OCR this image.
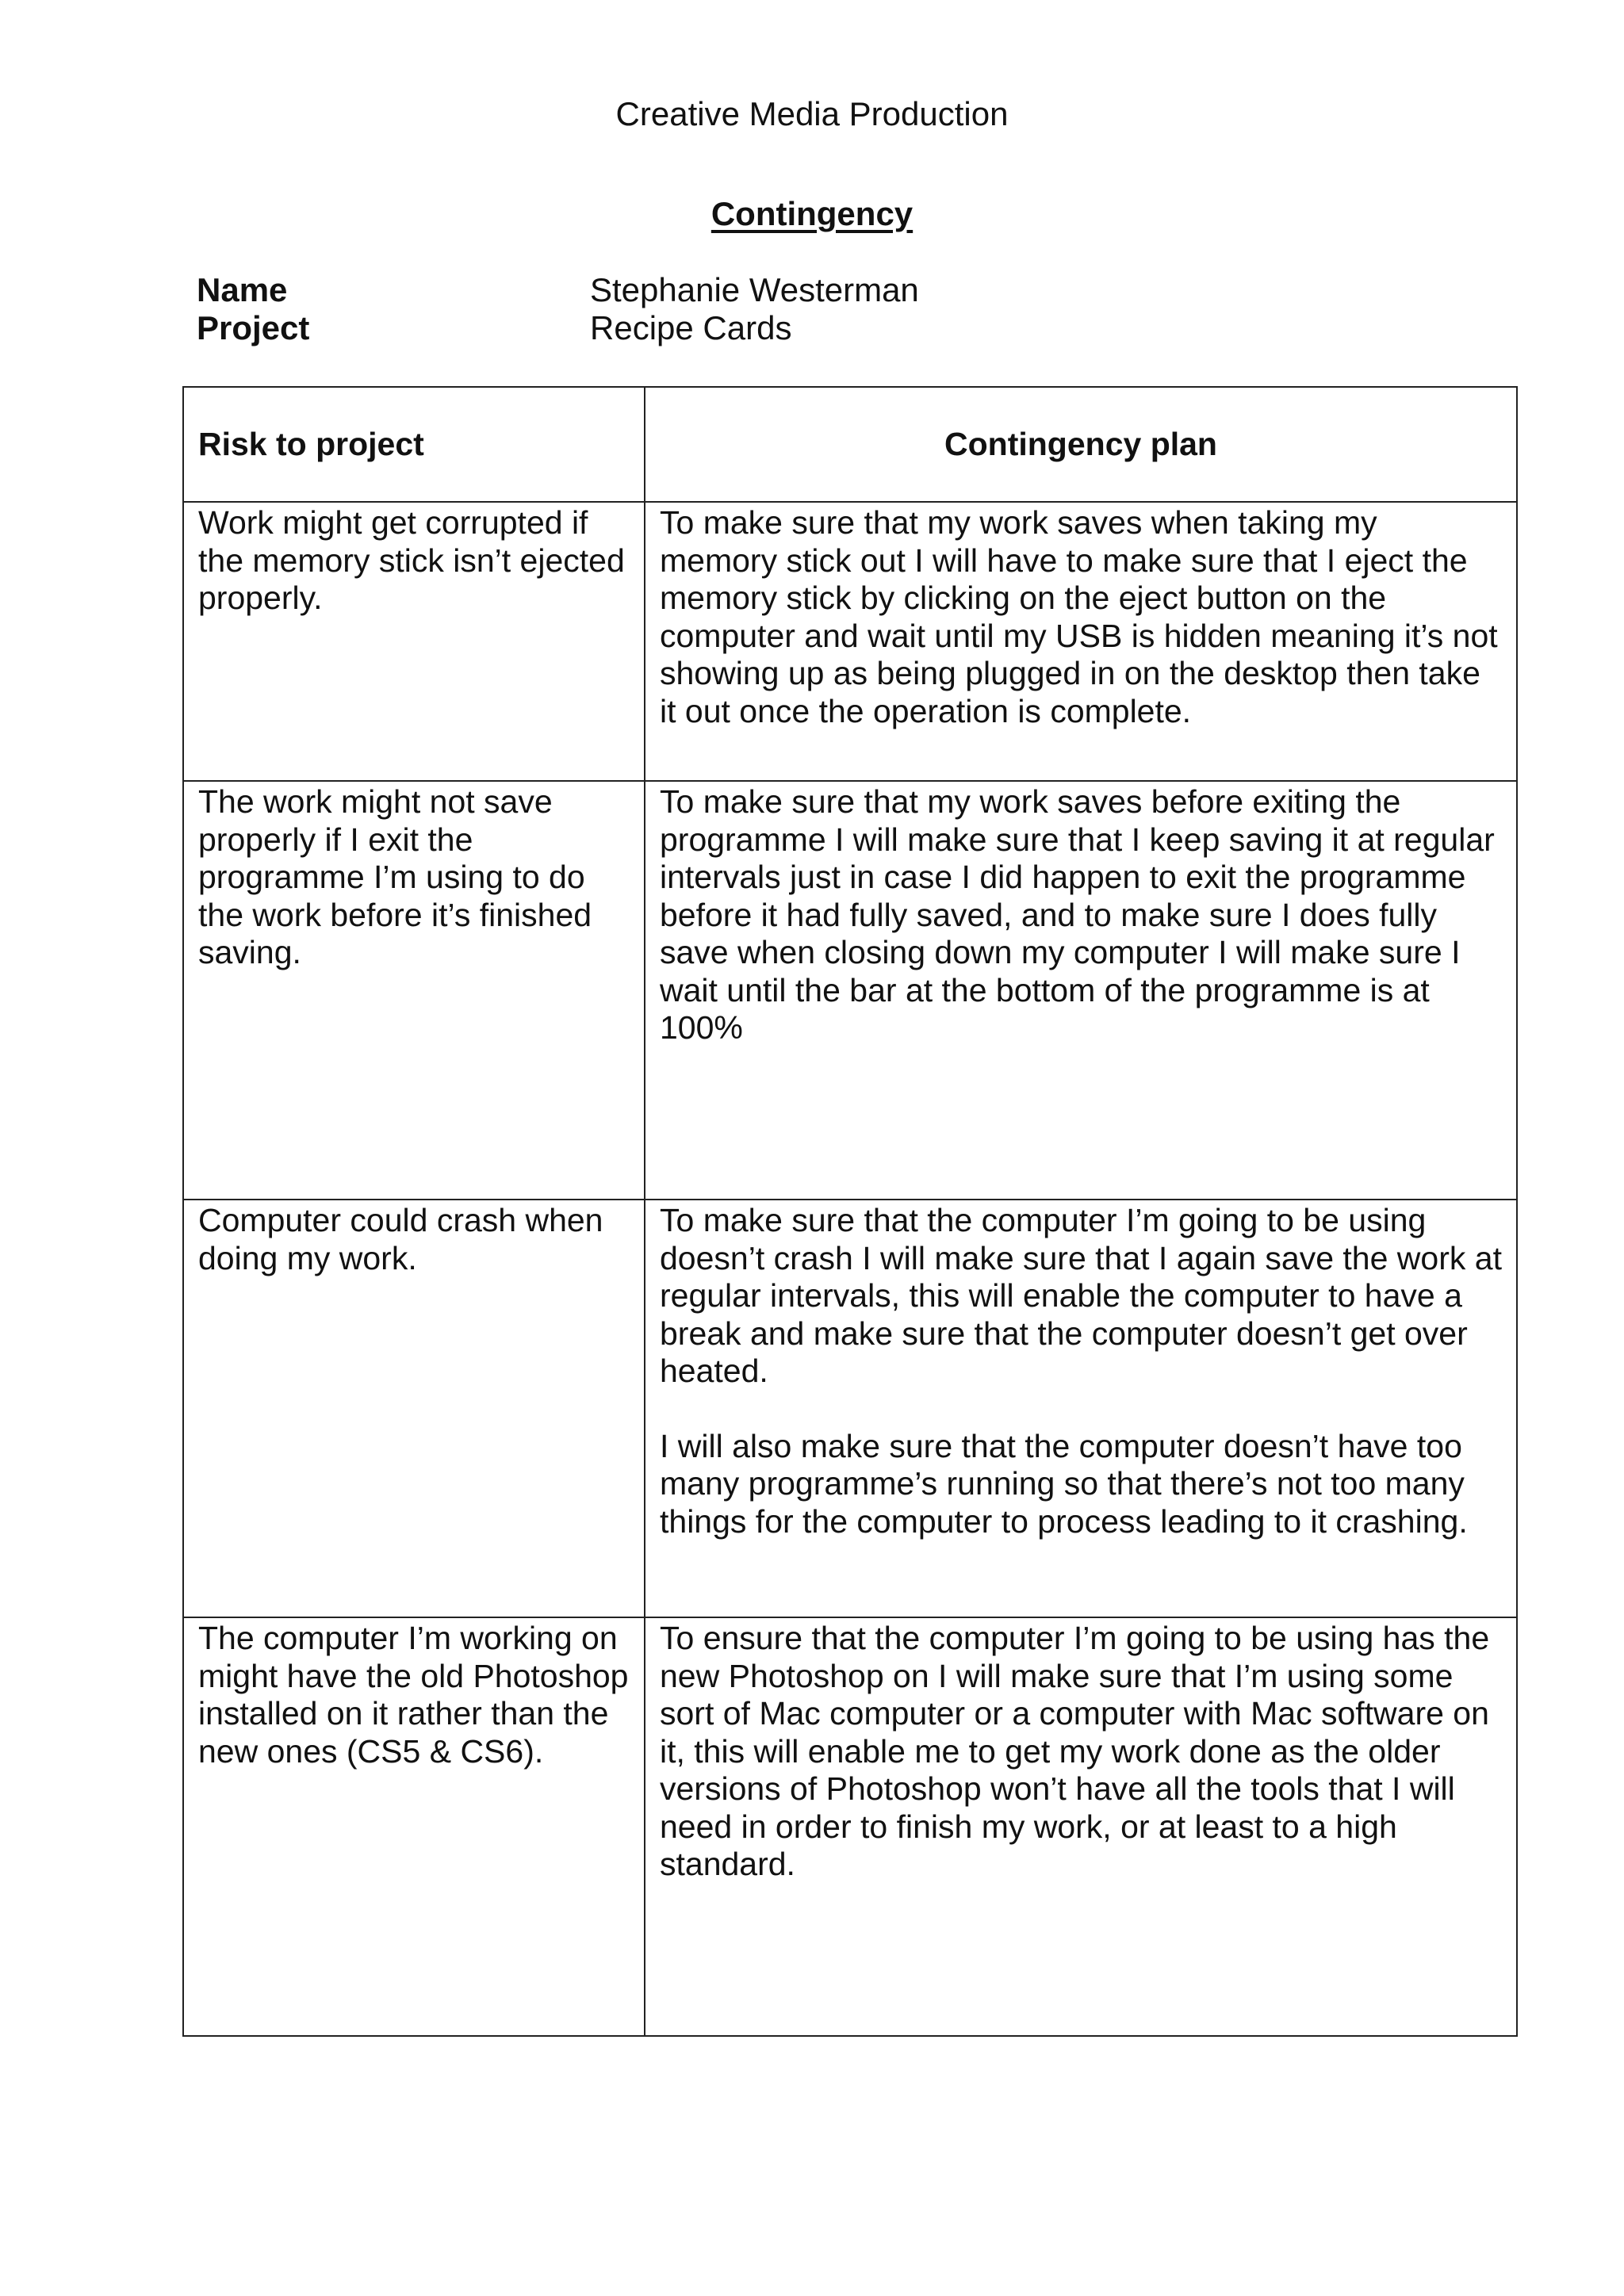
Creative Media Production
Contingency
Name	Stephanie Westerman
Project	Recipe Cards
Risk to project	Contingency plan
Work might get corrupted if the memory stick isn’t ejected properly.	To make sure that my work saves when taking my memory stick out I will have to make sure that I eject the memory stick by clicking on the eject button on the computer and wait until my USB is hidden meaning it’s not showing up as being plugged in on the desktop then take it out once the operation is complete.

The work might not save properly if I exit the programme I’m using to do the work before it’s finished saving.	To make sure that my work saves before exiting the programme I will make sure that I keep saving it at regular intervals just in case I did happen to exit the programme before it had fully saved, and to make sure I does fully save when closing down my computer I will make sure I wait until the bar at the bottom of the programme is at 100%

Computer could crash when doing my work.	To make sure that the computer I’m going to be using doesn’t crash I will make sure that I again save the work at regular intervals, this will enable the computer to have a break and make sure that the computer doesn’t get over heated.

I will also make sure that the computer doesn’t have too many programme’s running so that there’s not too many things for the computer to process leading to it crashing.

The computer I’m working on might have the old Photoshop installed on it rather than the new ones (CS5 & CS6).	To ensure that the computer I’m going to be using has the new Photoshop on I will make sure that I’m using some sort of Mac computer or a computer with Mac software on it, this will enable me to get my work done as the older versions of Photoshop won’t have all the tools that I will need in order to finish my work, or at least to a high standard.
